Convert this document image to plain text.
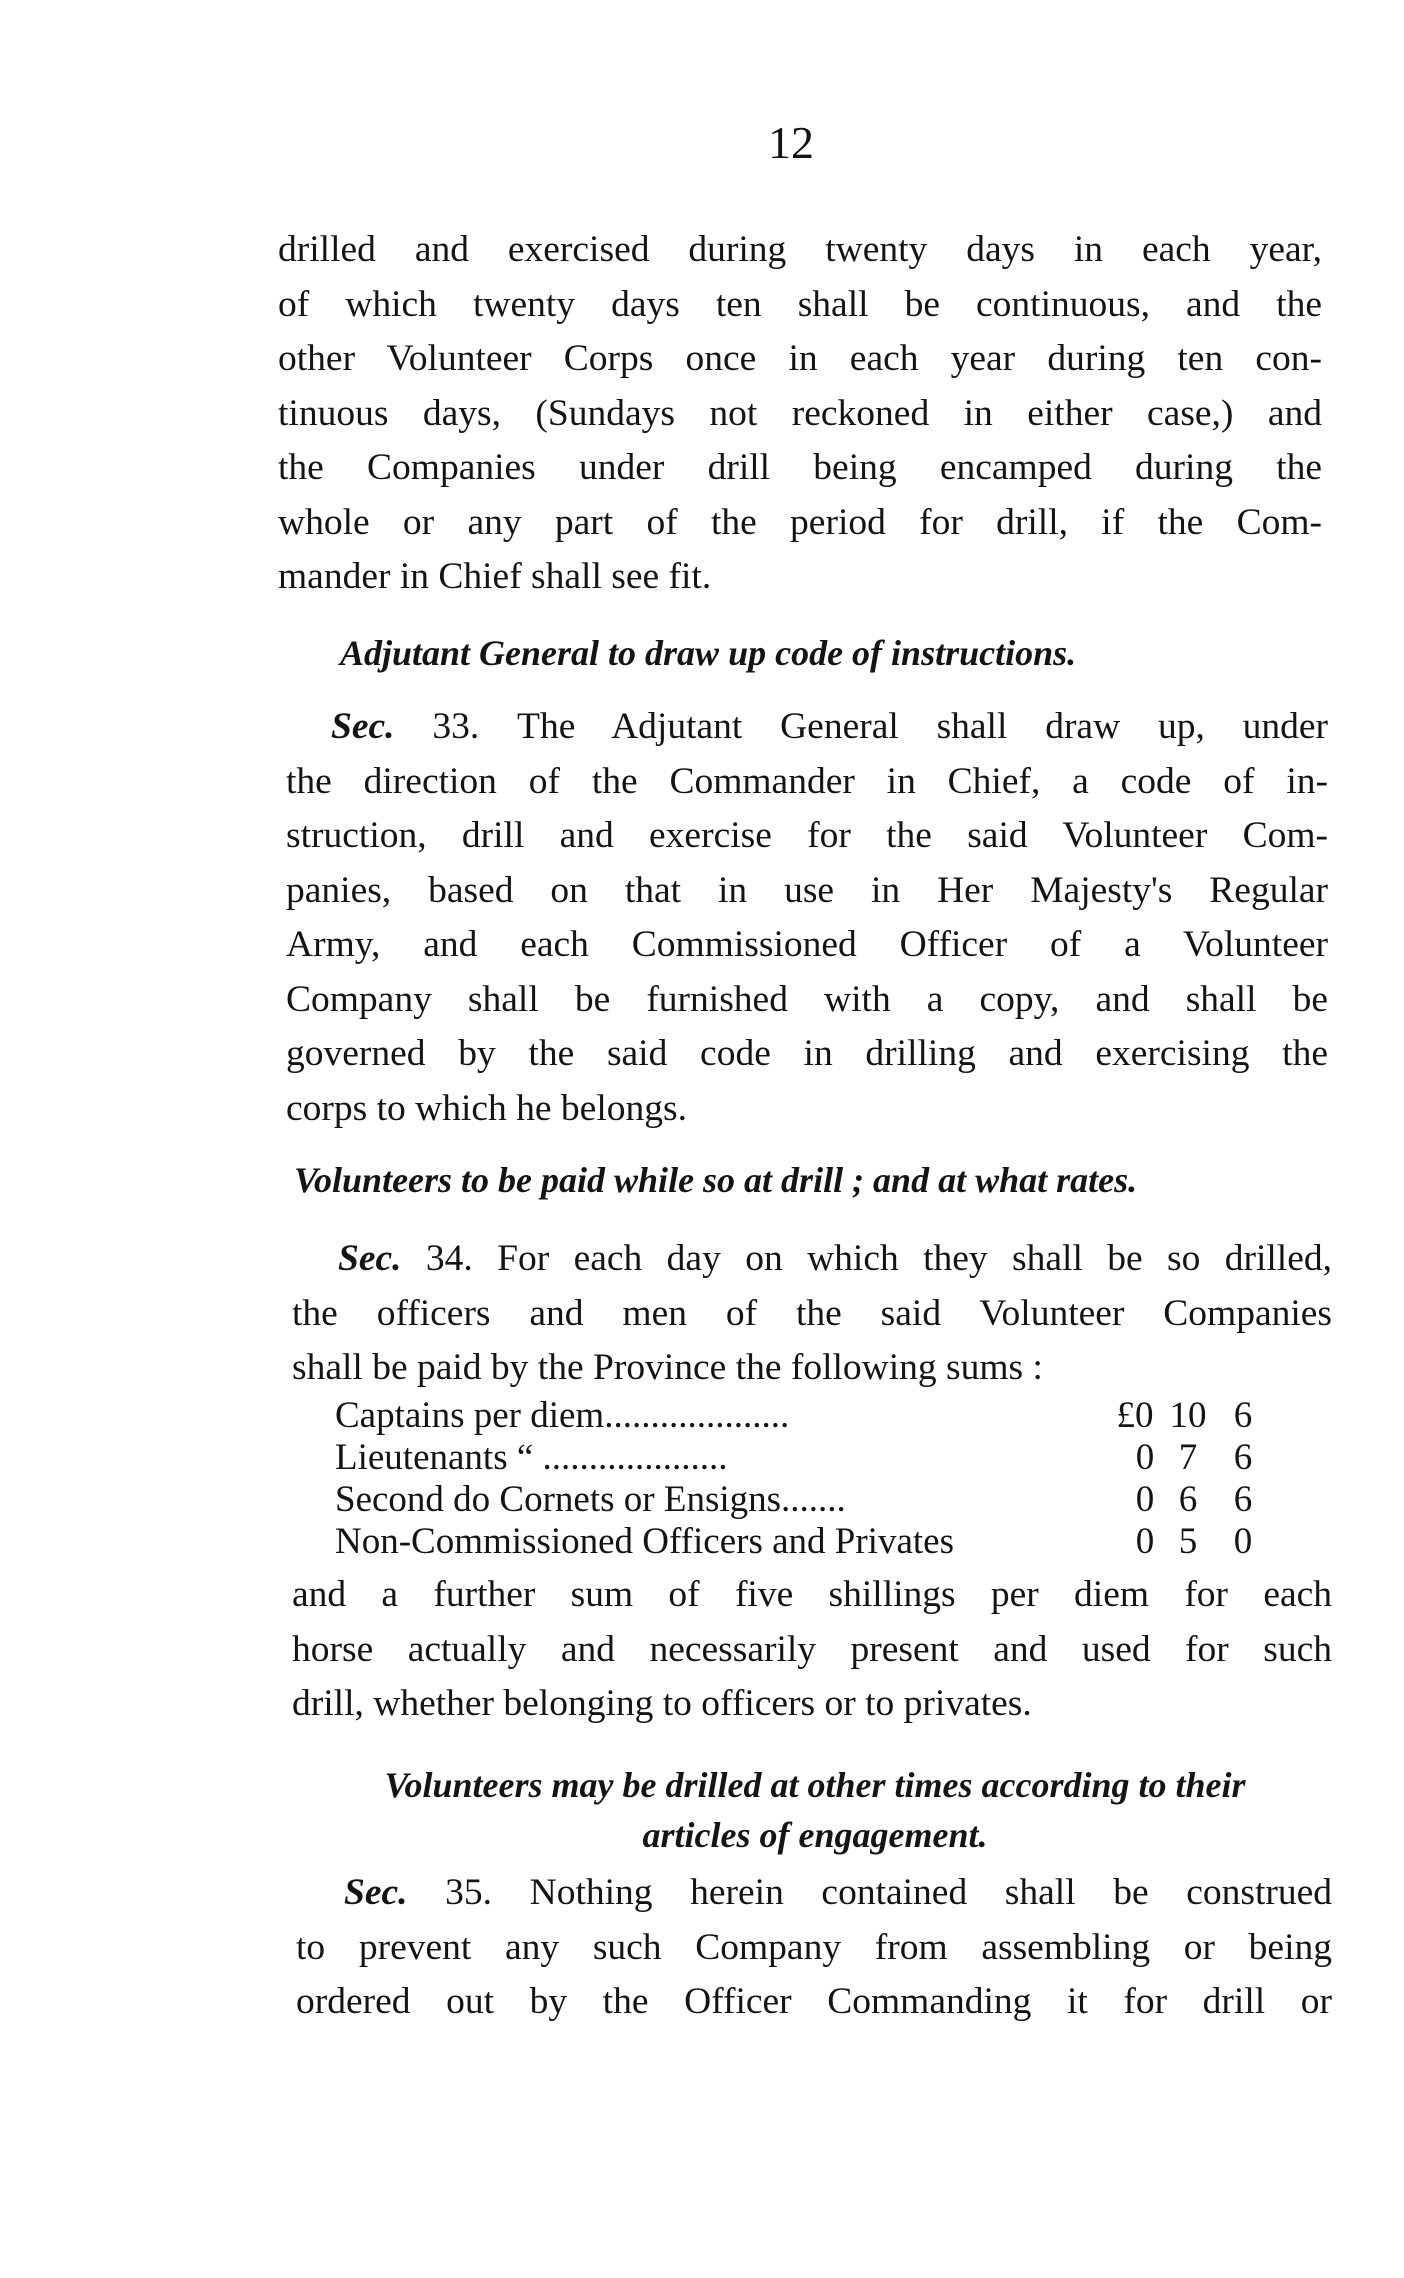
12

drilled and exercised during twenty days in each year,
of which twenty days ten shall be continuous, and the
other Volunteer Corps once in each year during ten con-
tinuous days, (Sundays not reckoned in either case,) and
the Companies under drill being encamped during the
whole or any part of the period for drill, if the Com-
mander in Chief shall see fit.

Adjutant General to draw up code of instructions.

Sec. 33. The Adjutant General shall draw up, under
the direction of the Commander in Chief, a code of in-
struction, drill and exercise for the said Volunteer Com-
panies, based on that in use in Her Majesty's Regular
Army, and each Commissioned Officer of a Volunteer
Company shall be furnished with a copy, and shall be
governed by the said code in drilling and exercising the
corps to which he belongs.

Volunteers to be paid while so at drill ; and at what rates.

Sec. 34. For each day on which they shall be so drilled,
the officers and men of the said Volunteer Companies
shall be paid by the Province the following sums :

Captains per diem....................	£0 10 6
Lieutenants “ ....................	0 7 6
Second do Cornets or Ensigns.......	0 6 6
Non-Commissioned Officers and Privates	0 5 0

and a further sum of five shillings per diem for each
horse actually and necessarily present and used for such
drill, whether belonging to officers or to privates.

Volunteers may be drilled at other times according to their
articles of engagement.

Sec. 35. Nothing herein contained shall be construed
to prevent any such Company from assembling or being
ordered out by the Officer Commanding it for drill or
